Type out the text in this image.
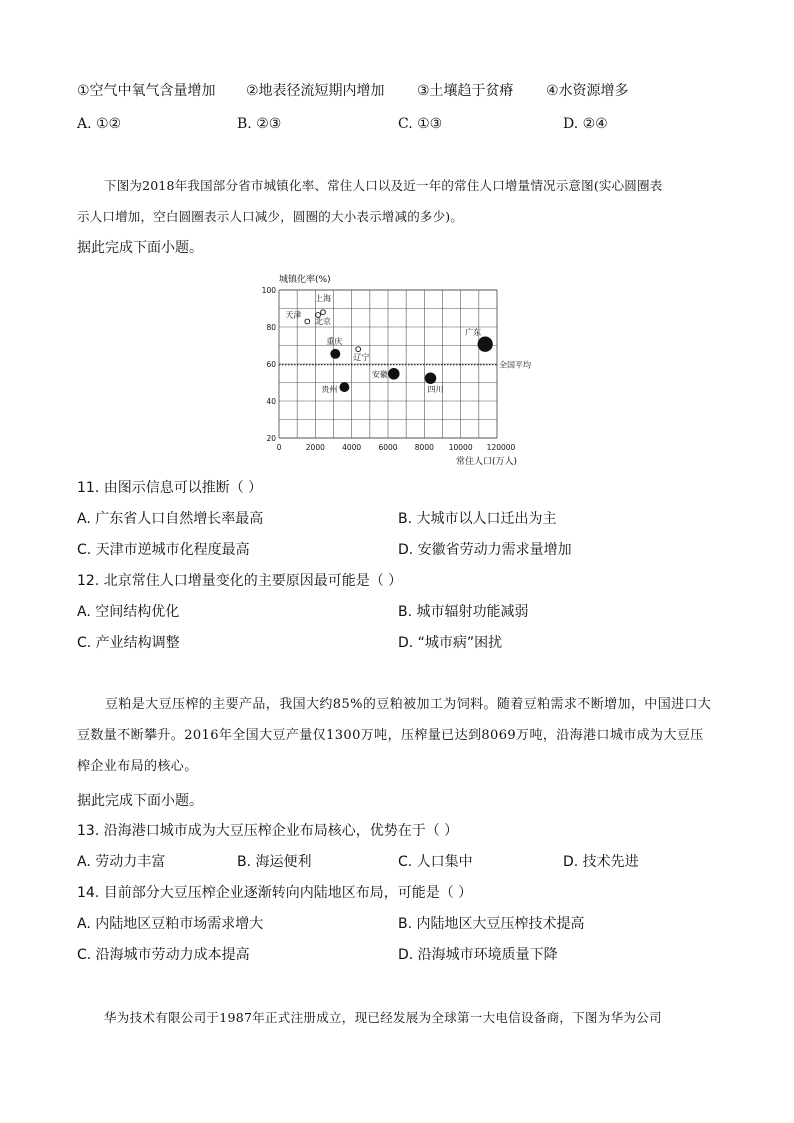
①空气中氧气含量增加 ②地表径流短期内增加 ③土壤趋于贫瘠 ④水资源增多
A. ①②	B. ②③	C. ①③	D. ②④
下图为2018年我国部分省市城镇化率、常住人口以及近一年的常住人口增量情况示意图(实心圆圈表
示人口增加，空白圆圈表示人口减少，圆圈的大小表示增减的多少)。
据此完成下面小题。
城镇化率(%)
常住人口(万人)
0	2000 4000 6000 8000 10000 120000
20
40
60
80
100
全国平均
天津
上海
北京
重庆
辽宁
贵州
安徽
四川
广东
11. 由图示信息可以推断（ ）
A. 广东省人口自然增长率最高	B. 大城市以人口迁出为主
C. 天津市逆城市化程度最高	D. 安徽省劳动力需求量增加
12. 北京常住人口增量变化的主要原因最可能是（ ）
A. 空间结构优化	B. 城市辐射功能减弱
C. 产业结构调整	D. “城市病”困扰
豆粕是大豆压榨的主要产品，我国大约85%的豆粕被加工为饲料。随着豆粕需求不断增加，中国进口大豆数量不断攀升。2016年全国大豆产量仅1300万吨，压榨量已达到8069万吨，沿海港口城市成为大豆压榨企业布局的核心。
据此完成下面小题。
13. 沿海港口城市成为大豆压榨企业布局核心，优势在于（ ）
A. 劳动力丰富	B. 海运便利	C. 人口集中	D. 技术先进
14. 目前部分大豆压榨企业逐渐转向内陆地区布局，可能是（ ）
A. 内陆地区豆粕市场需求增大	B. 内陆地区大豆压榨技术提高
C. 沿海城市劳动力成本提高	D. 沿海城市环境质量下降
华为技术有限公司于1987年正式注册成立，现已经发展为全球第一大电信设备商，下图为华为公司
